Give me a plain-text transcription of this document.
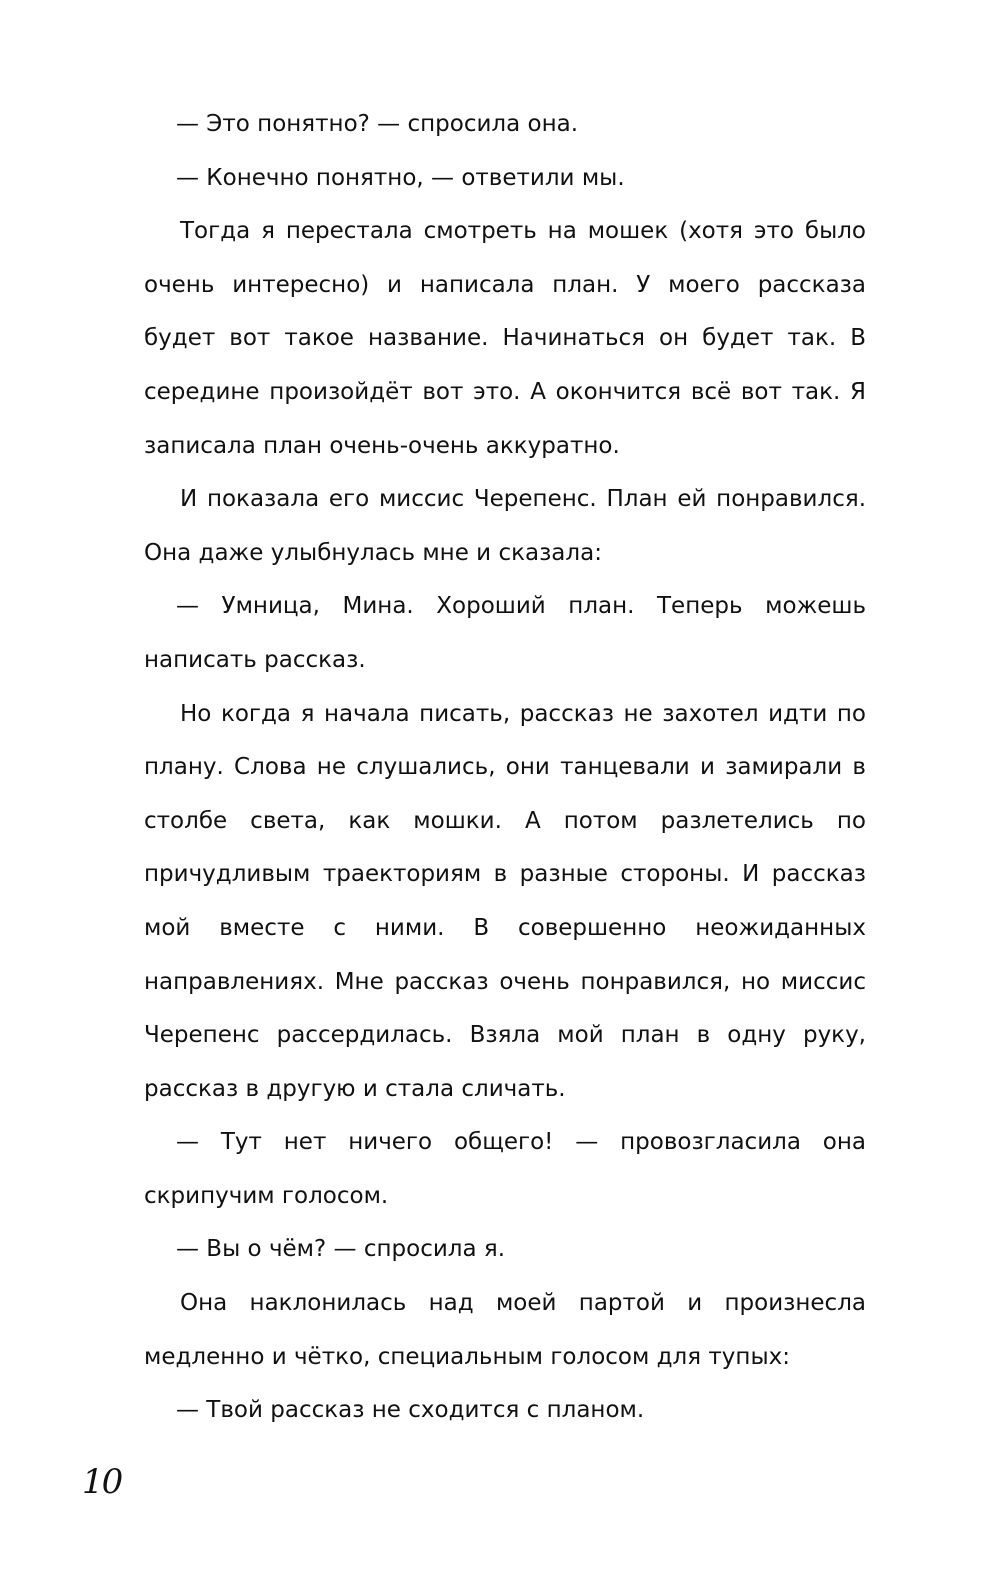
— Это понятно? — спросила она.

— Конечно понятно, — ответили мы.

Тогда я перестала смотреть на мошек (хотя это было очень интересно) и написала план. У моего рассказа будет вот такое название. Начинаться он будет так. В середине произойдёт вот это. А окончится всё вот так. Я записала план очень-очень аккуратно.

И показала его миссис Черепенс. План ей понравился. Она даже улыбнулась мне и сказала:

— Умница, Мина. Хороший план. Теперь можешь написать рассказ.

Но когда я начала писать, рассказ не захотел идти по плану. Слова не слушались, они танцевали и замирали в столбе света, как мошки. А потом разлетелись по причудливым траекториям в разные стороны. И рассказ мой вместе с ними. В совершенно неожиданных направлениях. Мне рассказ очень понравился, но миссис Черепенс рассердилась. Взяла мой план в одну руку, рассказ в другую и стала сличать.

— Тут нет ничего общего! — провозгласила она скрипучим голосом.

— Вы о чём? — спросила я.

Она наклонилась над моей партой и произнесла медленно и чётко, специальным голосом для тупых:

— Твой рассказ не сходится с планом.

10
